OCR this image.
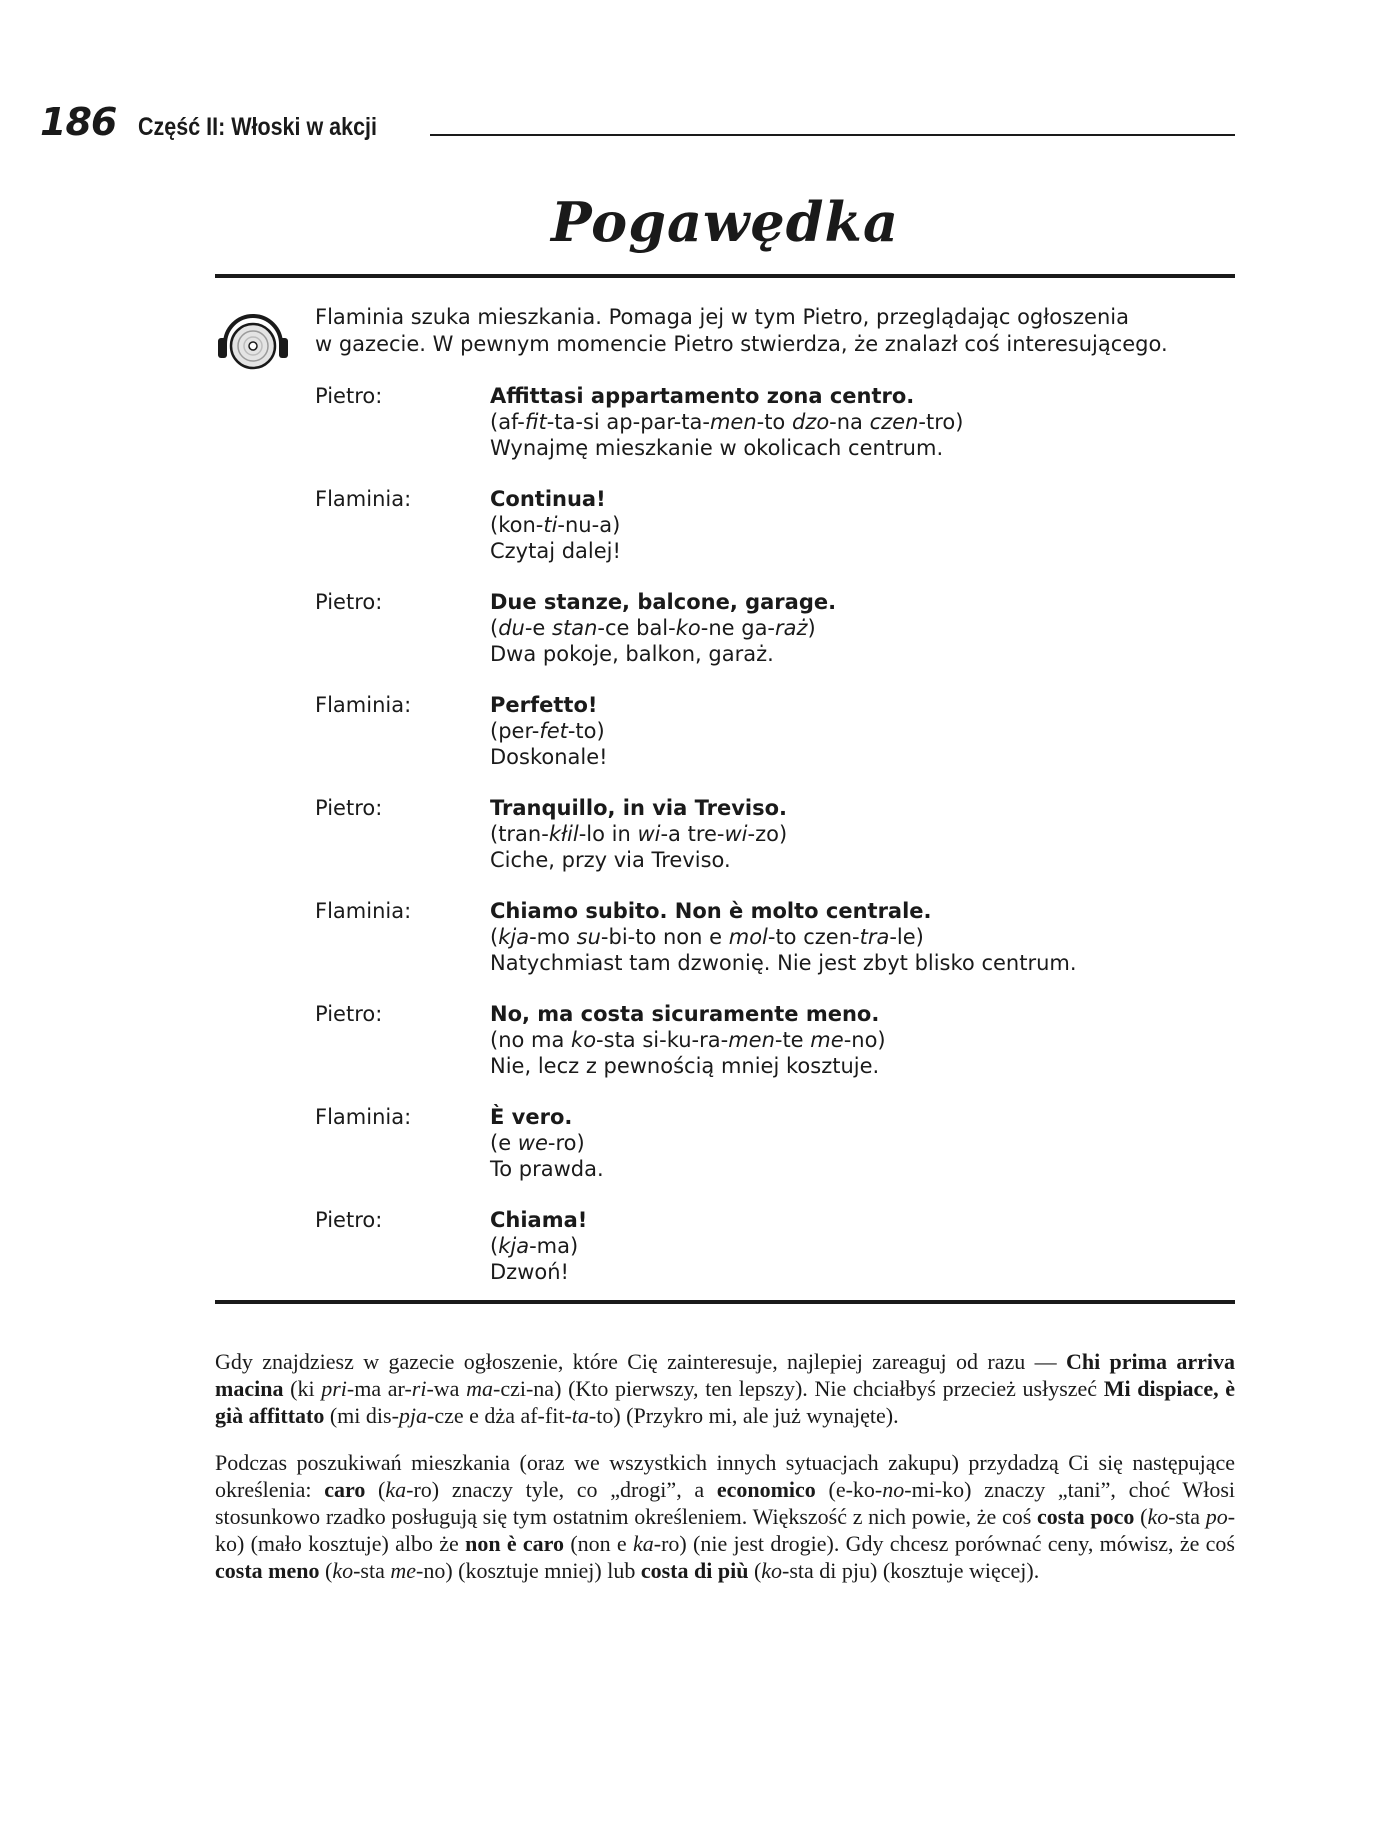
186 Część II: Włoski w akcji
Pogawędka

Flaminia szuka mieszkania. Pomaga jej w tym Pietro, przeglądając ogłoszenia

w gazecie. W pewnym momencie Pietro stwierdza, że znalazł coś interesującego.

Pietro:	Affittasi appartamento zona centro.
(af-fit-ta-si ap-par-ta-men-to dzo-na czen-tro)
Wynajmę mieszkanie w okolicach centrum.
Flaminia:	Continua!
(kon-ti-nu-a)
Czytaj dalej!
Pietro:	Due stanze, balcone, garage.
(du-e stan-ce bal-ko-ne ga-raż)
Dwa pokoje, balkon, garaż.
Flaminia:	Perfetto!
(per-fet-to)
Doskonale!
Pietro:	Tranquillo, in via Treviso.
(tran-kłil-lo in wi-a tre-wi-zo)
Ciche, przy via Treviso.
Flaminia:	Chiamo subito. Non è molto centrale.
(kja-mo su-bi-to non e mol-to czen-tra-le)
Natychmiast tam dzwonię. Nie jest zbyt blisko centrum.
Pietro:	No, ma costa sicuramente meno.
(no ma ko-sta si-ku-ra-men-te me-no)
Nie, lecz z pewnością mniej kosztuje.
Flaminia:	È vero.
(e we-ro)
To prawda.
Pietro:	Chiama!
(kja-ma)
Dzwoń!

Gdy znajdziesz w gazecie ogłoszenie, które Cię zainteresuje, najlepiej zareaguj od razu — Chi prima arriva macina (ki pri-ma ar-ri-wa ma-czi-na) (Kto pierwszy, ten lepszy). Nie chciałbyś przecież usłyszeć Mi dispiace, è già affittato (mi dis-pja-cze e dża af-fit-ta-to) (Przykro mi, ale już wynajęte).

Podczas poszukiwań mieszkania (oraz we wszystkich innych sytuacjach zakupu) przydadzą Ci się następujące określenia: caro (ka-ro) znaczy tyle, co „drogi”, a economico (e-ko-no-mi-ko) znaczy „tani”, choć Włosi stosunkowo rzadko posługują się tym ostatnim określeniem. Większość z nich powie, że coś costa poco (ko-sta po-ko) (mało kosztuje) albo że non è caro (non e ka-ro) (nie jest drogie). Gdy chcesz porównać ceny, mówisz, że coś costa meno (ko-sta me-no) (kosztuje mniej) lub costa di più (ko-sta di pju) (kosztuje więcej).
